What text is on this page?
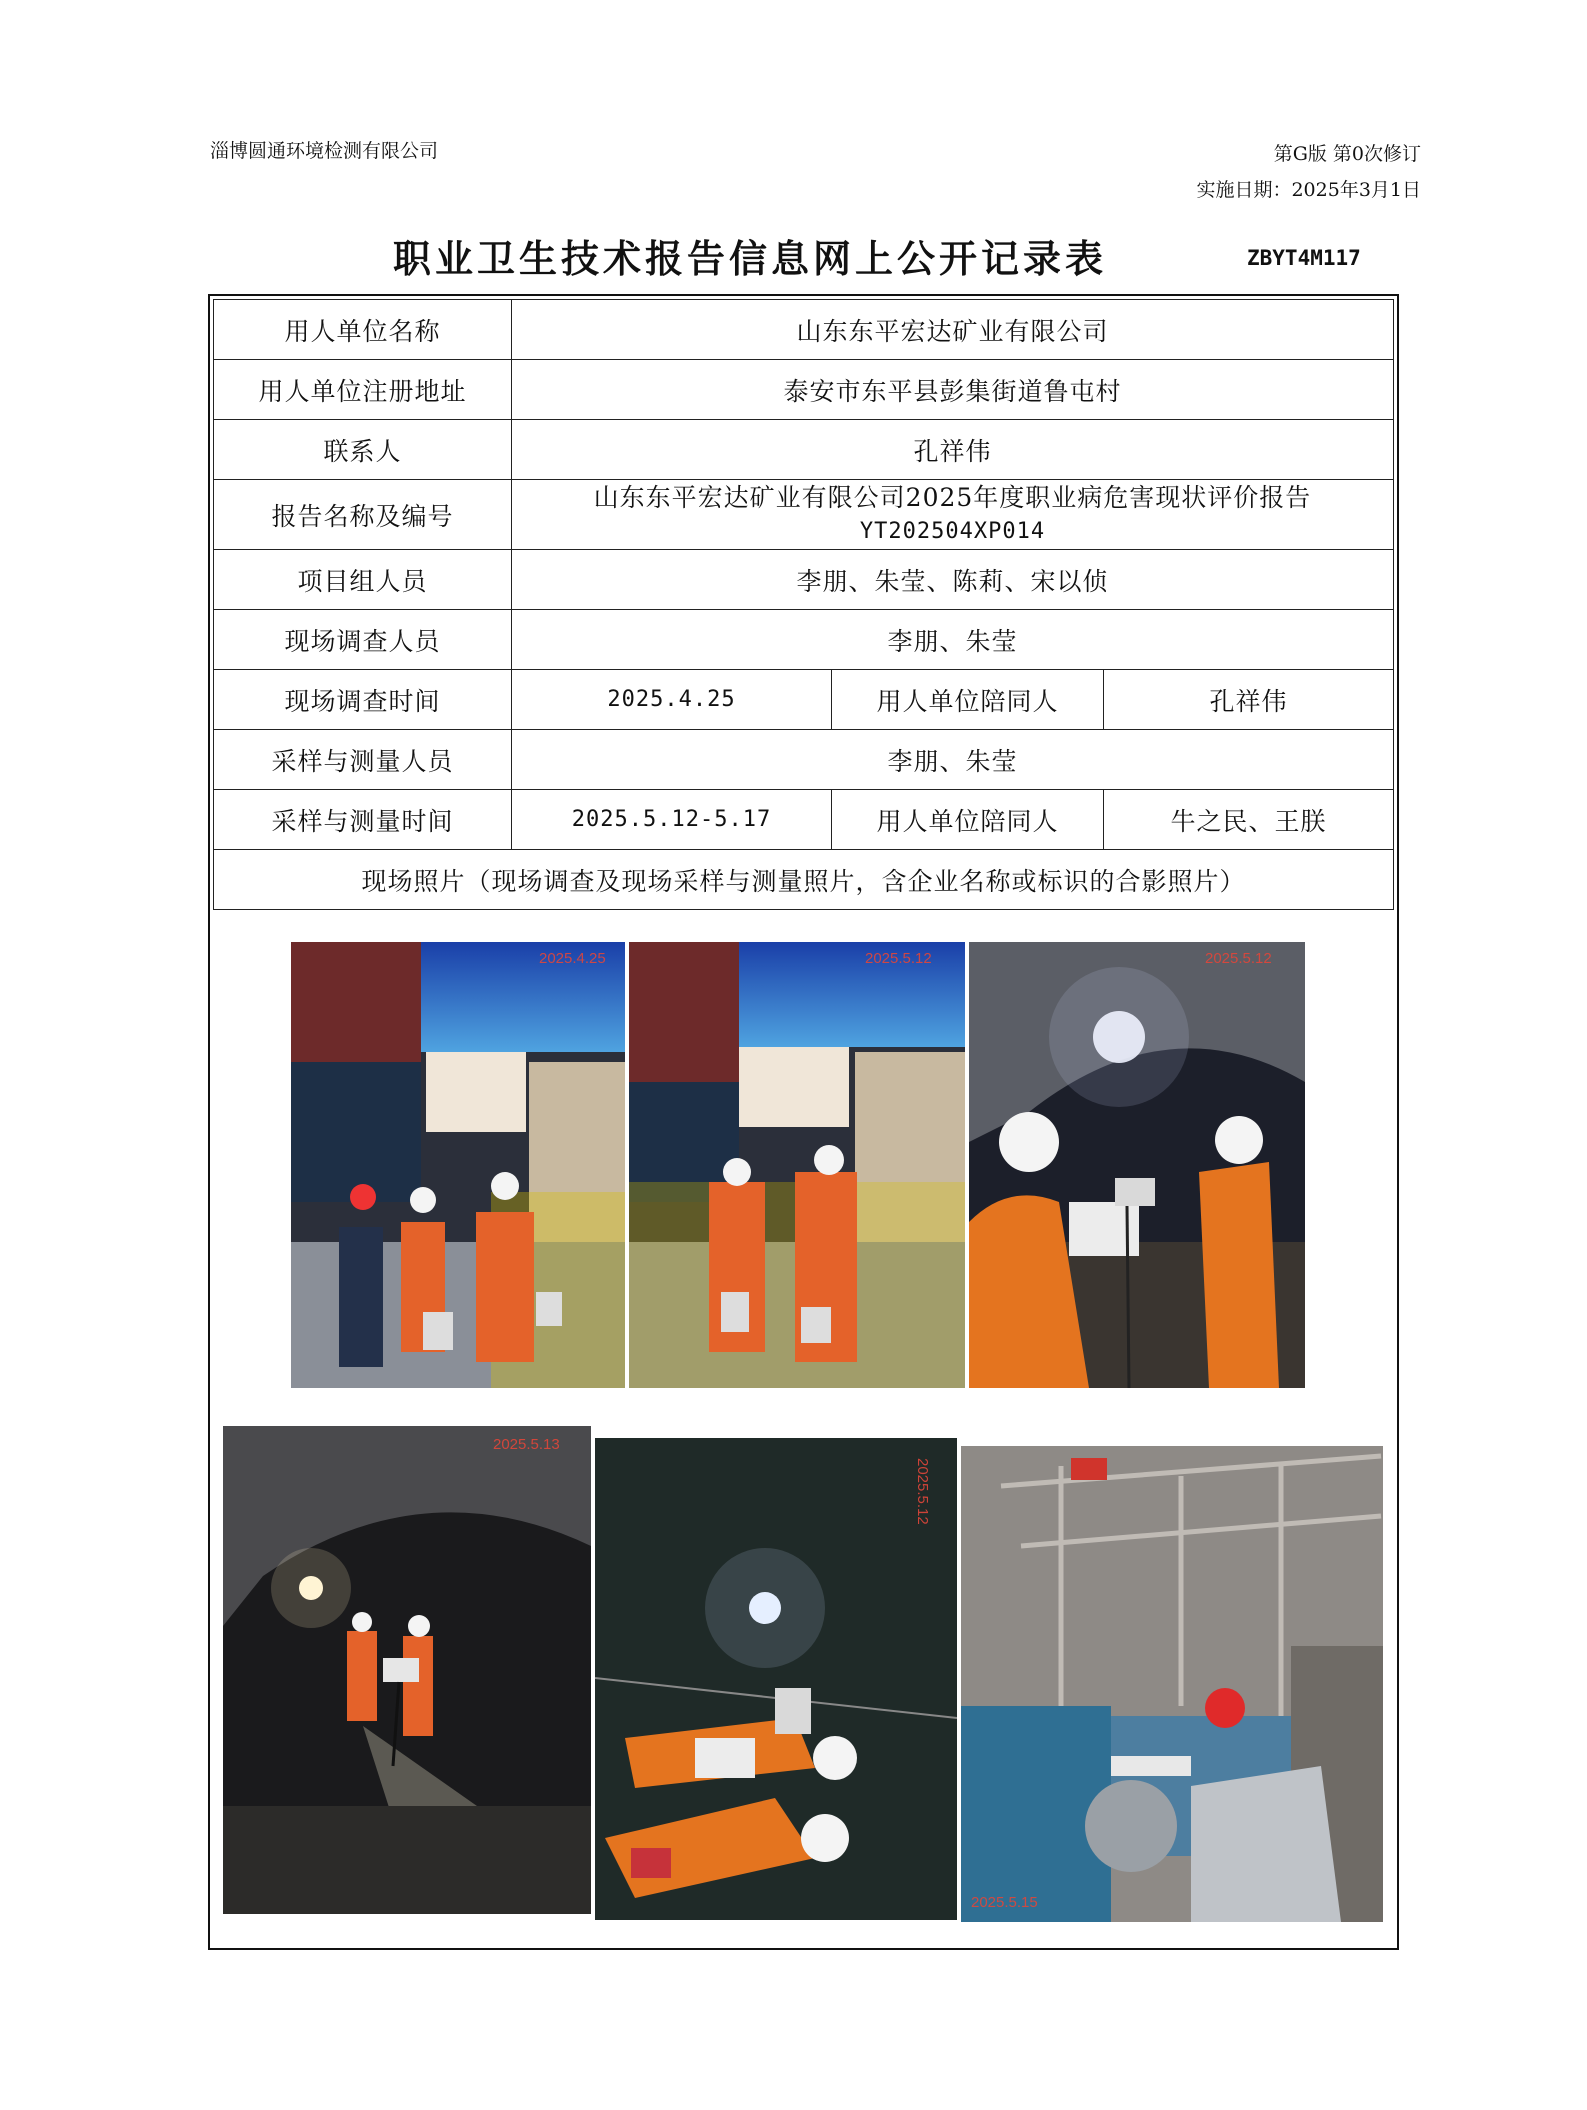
淄博圆通环境检测有限公司	第G版 第0次修订
实施日期：2025年3月1日
职业卫生技术报告信息网上公开记录表	ZBYT4M117
用人单位名称	山东东平宏达矿业有限公司		
用人单位注册地址	泰安市东平县彭集街道鲁屯村		
联系人	孔祥伟		
报告名称及编号	山东东平宏达矿业有限公司2025年度职业病危害现状评价报告
YT202504XP014		

项目组人员	李朋、朱莹、陈莉、宋以侦		
现场调查人员	李朋、朱莹		
现场调查时间	2025.4.25	用人单位陪同人	孔祥伟
采样与测量人员	李朋、朱莹		
采样与测量时间	2025.5.12-5.17	用人单位陪同人	牛之民、王朕
现场照片（现场调查及现场采样与测量照片，含企业名称或标识的合影照片）			
2025.4.25	2025.5.12	2025.5.12
2025.5.13
2025.5.12
2025.5.15
